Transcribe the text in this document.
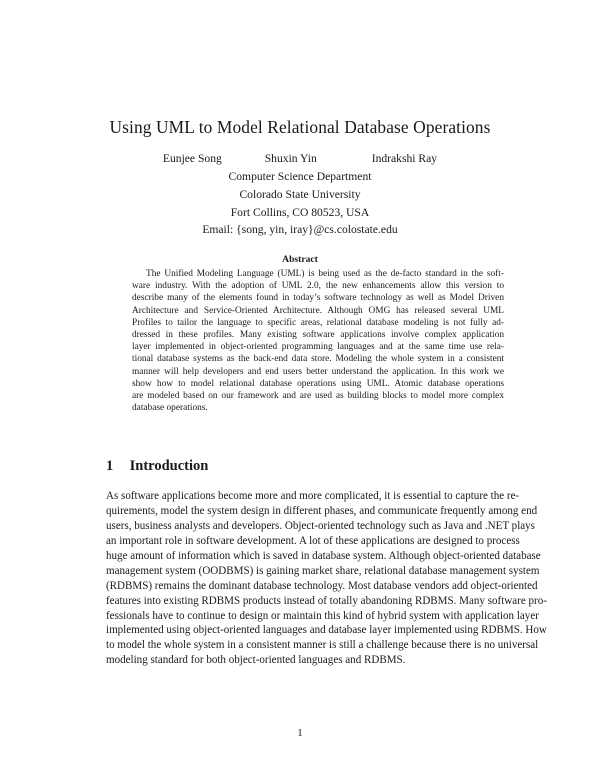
Using UML to Model Relational Database Operations
Eunjee Song	Shuxin Yin	Indrakshi Ray
Computer Science Department
Colorado State University
Fort Collins, CO 80523, USA
Email: {song, yin, iray}@cs.colostate.edu
Abstract
The Unified Modeling Language (UML) is being used as the de-facto standard in the soft-
ware industry. With the adoption of UML 2.0, the new enhancements allow this version to
describe many of the elements found in today’s software technology as well as Model Driven
Architecture and Service-Oriented Architecture. Although OMG has released several UML
Profiles to tailor the language to specific areas, relational database modeling is not fully ad-
dressed in these profiles. Many existing software applications involve complex application
layer implemented in object-oriented programming languages and at the same time use rela-
tional database systems as the back-end data store. Modeling the whole system in a consistent
manner will help developers and end users better understand the application. In this work we
show how to model relational database operations using UML. Atomic database operations
are modeled based on our framework and are used as building blocks to model more complex
database operations.
1 Introduction
As software applications become more and more complicated, it is essential to capture the re-
quirements, model the system design in different phases, and communicate frequently among end
users, business analysts and developers. Object-oriented technology such as Java and .NET plays
an important role in software development. A lot of these applications are designed to process
huge amount of information which is saved in database system. Although object-oriented database
management system (OODBMS) is gaining market share, relational database management system
(RDBMS) remains the dominant database technology. Most database vendors add object-oriented
features into existing RDBMS products instead of totally abandoning RDBMS. Many software pro-
fessionals have to continue to design or maintain this kind of hybrid system with application layer
implemented using object-oriented languages and database layer implemented using RDBMS. How
to model the whole system in a consistent manner is still a challenge because there is no universal
modeling standard for both object-oriented languages and RDBMS.
1
